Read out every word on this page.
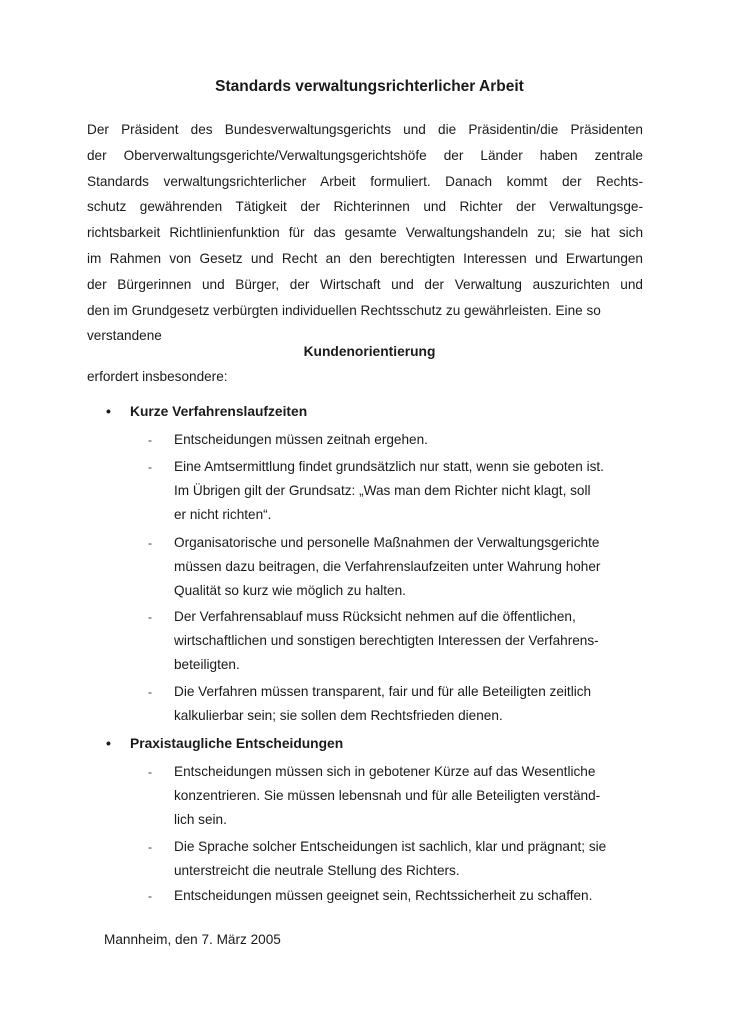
Standards verwaltungsrichterlicher Arbeit
Der Präsident des Bundesverwaltungsgerichts und die Präsidentin/die Präsidenten
der Oberverwaltungsgerichte/Verwaltungsgerichtshöfe der Länder haben zentrale
Standards verwaltungsrichterlicher Arbeit formuliert. Danach kommt der Rechts-
schutz gewährenden Tätigkeit der Richterinnen und Richter der Verwaltungsge-
richtsbarkeit Richtlinienfunktion für das gesamte Verwaltungshandeln zu; sie hat sich
im Rahmen von Gesetz und Recht an den berechtigten Interessen und Erwartungen
der Bürgerinnen und Bürger, der Wirtschaft und der Verwaltung auszurichten und
den im Grundgesetz verbürgten individuellen Rechtsschutz zu gewährleisten. Eine so
verstandene
Kundenorientierung
erfordert insbesondere:
• Kurze Verfahrenslaufzeiten
-	Entscheidungen müssen zeitnah ergehen.
-	Eine Amtsermittlung findet grundsätzlich nur statt, wenn sie geboten ist.
Im Übrigen gilt der Grundsatz: „Was man dem Richter nicht klagt, soll
er nicht richten“.
-	Organisatorische und personelle Maßnahmen der Verwaltungsgerichte
müssen dazu beitragen, die Verfahrenslaufzeiten unter Wahrung hoher
Qualität so kurz wie möglich zu halten.
-	Der Verfahrensablauf muss Rücksicht nehmen auf die öffentlichen,
wirtschaftlichen und sonstigen berechtigten Interessen der Verfahrens-
beteiligten.
-	Die Verfahren müssen transparent, fair und für alle Beteiligten zeitlich
kalkulierbar sein; sie sollen dem Rechtsfrieden dienen.
• Praxistaugliche Entscheidungen
-	Entscheidungen müssen sich in gebotener Kürze auf das Wesentliche
konzentrieren. Sie müssen lebensnah und für alle Beteiligten verständ-
lich sein.
-	Die Sprache solcher Entscheidungen ist sachlich, klar und prägnant; sie
unterstreicht die neutrale Stellung des Richters.
-	Entscheidungen müssen geeignet sein, Rechtssicherheit zu schaffen.
Mannheim, den 7. März 2005
